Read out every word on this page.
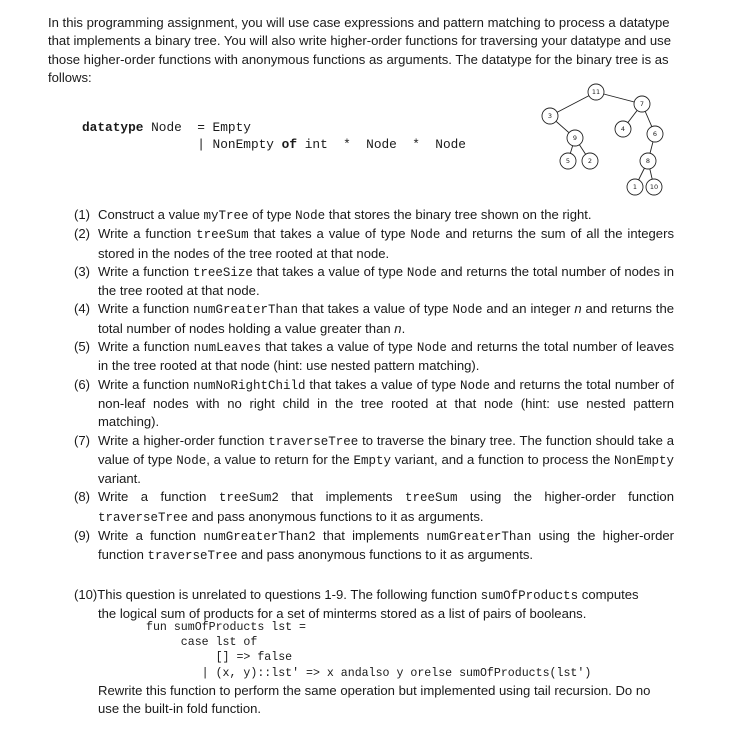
In this programming assignment, you will use case expressions and pattern matching to process a datatype that implements a binary tree. You will also write higher-order functions for traversing your datatype and use those higher-order functions with anonymous functions as arguments. The datatype for the binary tree is as follows:
datatype Node  = Empty
| NonEmpty of int  *  Node  *  Node
11
3
7
9
4
6
5	2	8
1 10
(1) Construct a value myTree of type Node that stores the binary tree shown on the right.
(2) Write a function treeSum that takes a value of type Node and returns the sum of all the integers stored in the nodes of the tree rooted at that node.
(3) Write a function treeSize that takes a value of type Node and returns the total number of nodes in the tree rooted at that node.
(4) Write a function numGreaterThan that takes a value of type Node and an integer n and returns the total number of nodes holding a value greater than n.
(5) Write a function numLeaves that takes a value of type Node and returns the total number of leaves in the tree rooted at that node (hint: use nested pattern matching).
(6) Write a function numNoRightChild that takes a value of type Node and returns the total number of non-leaf nodes with no right child in the tree rooted at that node (hint: use nested pattern matching).
(7) Write a higher-order function traverseTree to traverse the binary tree. The function should take a value of type Node, a value to return for the Empty variant, and a function to process the NonEmpty variant.
(8) Write a function treeSum2 that implements treeSum using the higher-order function traverseTree and pass anonymous functions to it as arguments.
(9) Write a function numGreaterThan2 that implements numGreaterThan using the higher-order function traverseTree and pass anonymous functions to it as arguments.
(10)This question is unrelated to questions 1-9. The following function sumOfProducts computes
the logical sum of products for a set of minterms stored as a list of pairs of booleans.
fun sumOfProducts lst =
case lst of
[] => false
| (x, y)::lst' => x andalso y orelse sumOfProducts(lst')
Rewrite this function to perform the same operation but implemented using tail recursion. Do no use the built-in fold function.
